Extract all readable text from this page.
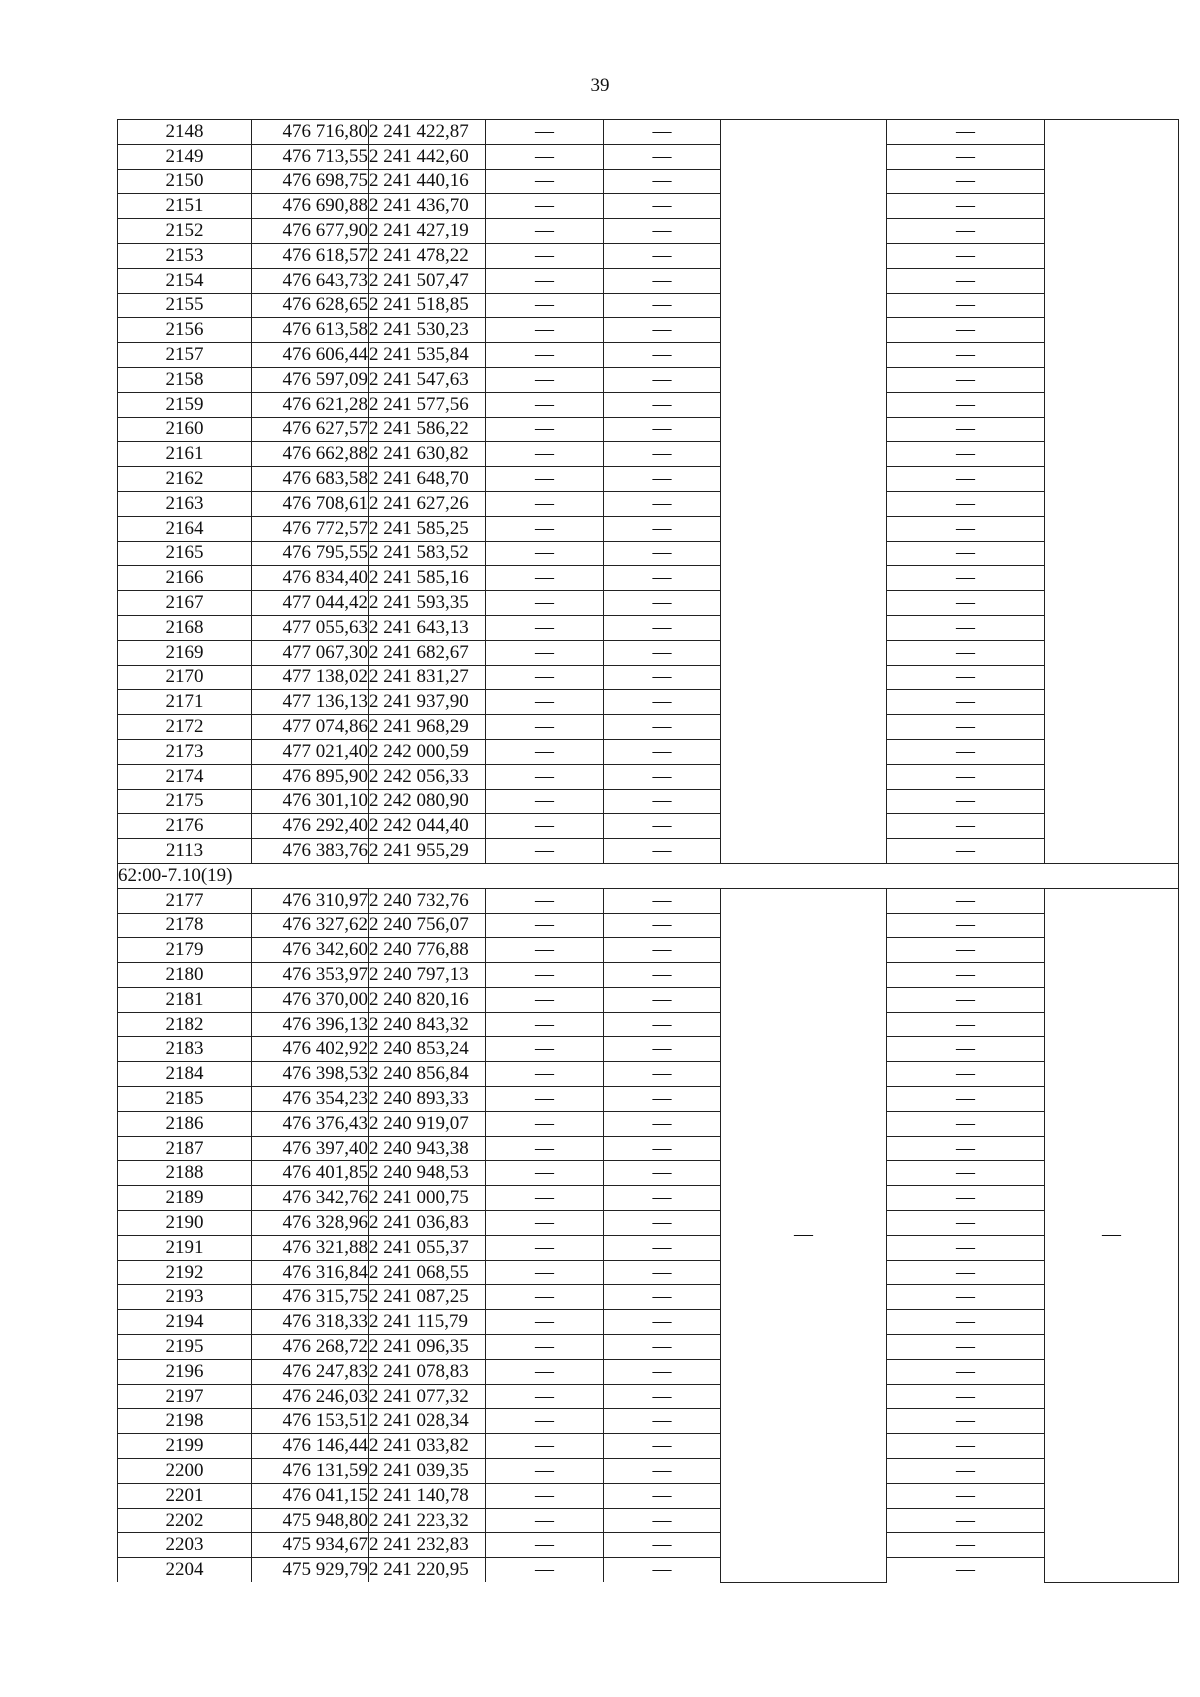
39
2148	476 716,80	2 241 422,87	—	—		—	
2149	476 713,55	2 241 442,60	—	—		—	
2150	476 698,75	2 241 440,16	—	—		—	
2151	476 690,88	2 241 436,70	—	—		—	
2152	476 677,90	2 241 427,19	—	—		—	
2153	476 618,57	2 241 478,22	—	—		—	
2154	476 643,73	2 241 507,47	—	—		—	
2155	476 628,65	2 241 518,85	—	—		—	
2156	476 613,58	2 241 530,23	—	—		—	
2157	476 606,44	2 241 535,84	—	—		—	
2158	476 597,09	2 241 547,63	—	—		—	
2159	476 621,28	2 241 577,56	—	—		—	
2160	476 627,57	2 241 586,22	—	—		—	
2161	476 662,88	2 241 630,82	—	—		—	
2162	476 683,58	2 241 648,70	—	—		—	
2163	476 708,61	2 241 627,26	—	—		—	
2164	476 772,57	2 241 585,25	—	—		—	
2165	476 795,55	2 241 583,52	—	—		—	
2166	476 834,40	2 241 585,16	—	—		—	
2167	477 044,42	2 241 593,35	—	—		—	
2168	477 055,63	2 241 643,13	—	—		—	
2169	477 067,30	2 241 682,67	—	—		—	
2170	477 138,02	2 241 831,27	—	—		—	
2171	477 136,13	2 241 937,90	—	—		—	
2172	477 074,86	2 241 968,29	—	—		—	
2173	477 021,40	2 242 000,59	—	—		—	
2174	476 895,90	2 242 056,33	—	—		—	
2175	476 301,10	2 242 080,90	—	—		—	
2176	476 292,40	2 242 044,40	—	—		—	
2113	476 383,76	2 241 955,29	—	—		—	
62:00-7.10(19)							
2177	476 310,97	2 240 732,76	—	—	—	—	—
2178	476 327,62	2 240 756,07	—	—		—	
2179	476 342,60	2 240 776,88	—	—		—	
2180	476 353,97	2 240 797,13	—	—		—	
2181	476 370,00	2 240 820,16	—	—		—	
2182	476 396,13	2 240 843,32	—	—		—	
2183	476 402,92	2 240 853,24	—	—		—	
2184	476 398,53	2 240 856,84	—	—		—	
2185	476 354,23	2 240 893,33	—	—		—	
2186	476 376,43	2 240 919,07	—	—		—	
2187	476 397,40	2 240 943,38	—	—		—	
2188	476 401,85	2 240 948,53	—	—		—	
2189	476 342,76	2 241 000,75	—	—		—	
2190	476 328,96	2 241 036,83	—	—		—	
2191	476 321,88	2 241 055,37	—	—		—	
2192	476 316,84	2 241 068,55	—	—		—	
2193	476 315,75	2 241 087,25	—	—		—	
2194	476 318,33	2 241 115,79	—	—		—	
2195	476 268,72	2 241 096,35	—	—		—	
2196	476 247,83	2 241 078,83	—	—		—	
2197	476 246,03	2 241 077,32	—	—		—	
2198	476 153,51	2 241 028,34	—	—		—	
2199	476 146,44	2 241 033,82	—	—		—	
2200	476 131,59	2 241 039,35	—	—		—	
2201	476 041,15	2 241 140,78	—	—		—	
2202	475 948,80	2 241 223,32	—	—		—	
2203	475 934,67	2 241 232,83	—	—		—	
2204	475 929,79	2 241 220,95	—	—		—	
